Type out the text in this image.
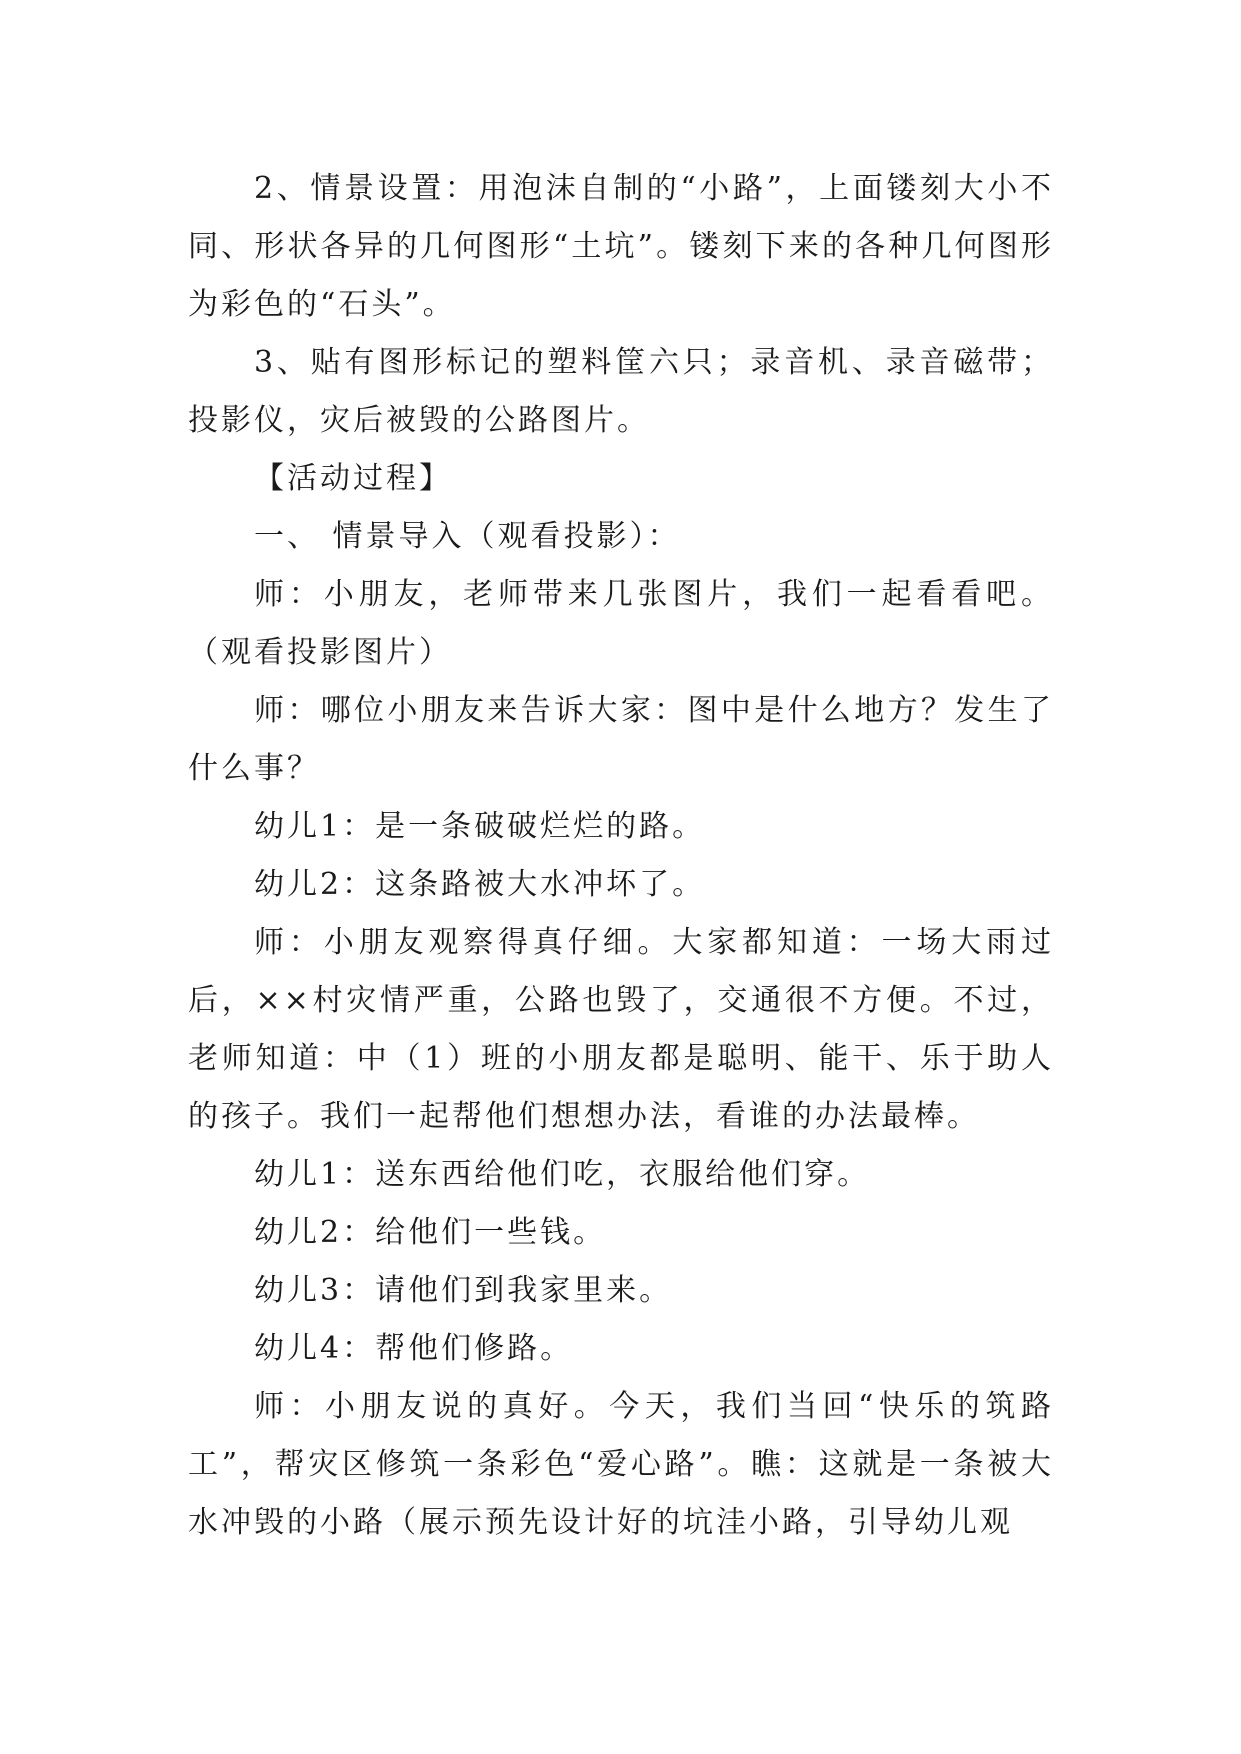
2、情景设置：用泡沫自制的“小路”，上面镂刻大小不同、形状各异的几何图形“土坑”。镂刻下来的各种几何图形为彩色的“石头”。

3、贴有图形标记的塑料筐六只；录音机、录音磁带；投影仪，灾后被毁的公路图片。

【活动过程】

一、 情景导入（观看投影）：

师：小朋友，老师带来几张图片，我们一起看看吧。（观看投影图片）

师：哪位小朋友来告诉大家：图中是什么地方？发生了什么事？

幼儿1：是一条破破烂烂的路。

幼儿2：这条路被大水冲坏了。

师：小朋友观察得真仔细。大家都知道：一场大雨过后，××村灾情严重，公路也毁了，交通很不方便。不过，老师知道：中（1）班的小朋友都是聪明、能干、乐于助人的孩子。我们一起帮他们想想办法，看谁的办法最棒。

幼儿1：送东西给他们吃，衣服给他们穿。

幼儿2：给他们一些钱。

幼儿3：请他们到我家里来。

幼儿4：帮他们修路。

师：小朋友说的真好。今天，我们当回“快乐的筑路工”，帮灾区修筑一条彩色“爱心路”。瞧：这就是一条被大水冲毁的小路（展示预先设计好的坑洼小路，引导幼儿观
